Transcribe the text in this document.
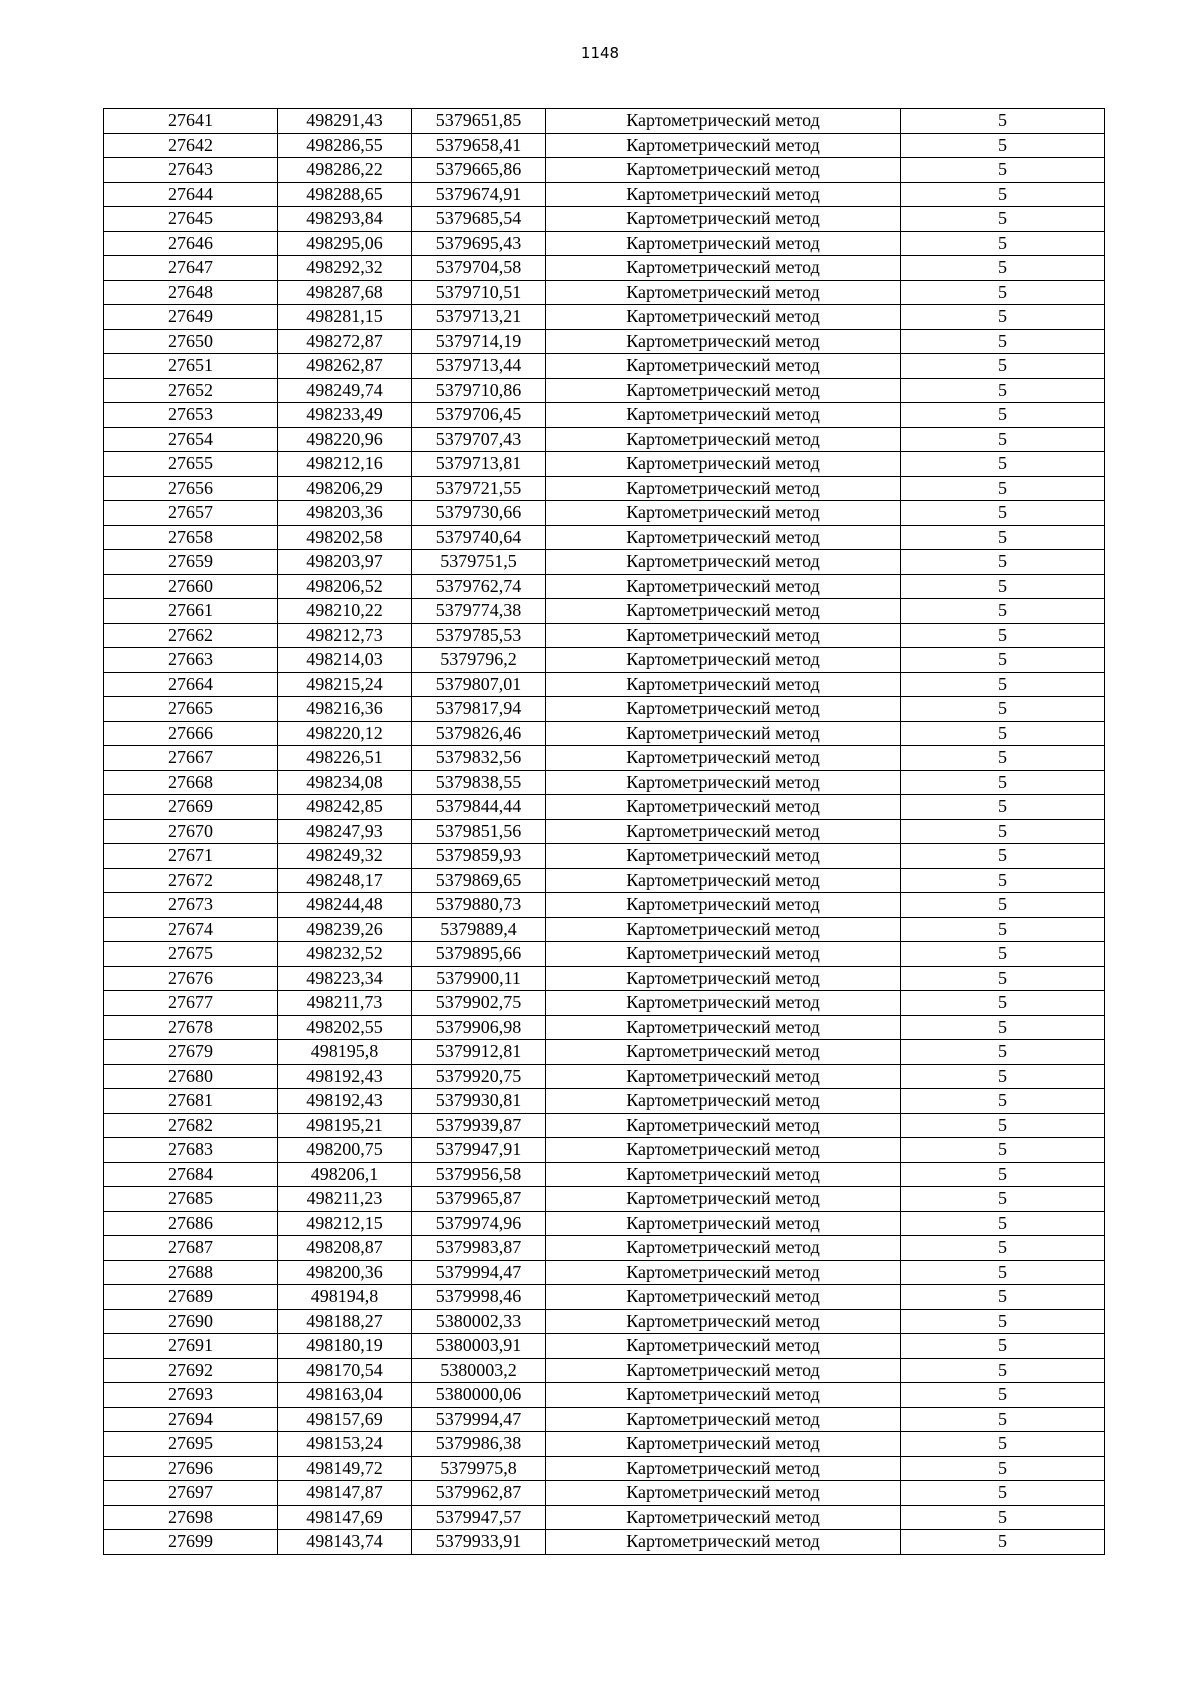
1148
27641	498291,43	5379651,85	Картометрический метод	5
27642	498286,55	5379658,41	Картометрический метод	5
27643	498286,22	5379665,86	Картометрический метод	5
27644	498288,65	5379674,91	Картометрический метод	5
27645	498293,84	5379685,54	Картометрический метод	5
27646	498295,06	5379695,43	Картометрический метод	5
27647	498292,32	5379704,58	Картометрический метод	5
27648	498287,68	5379710,51	Картометрический метод	5
27649	498281,15	5379713,21	Картометрический метод	5
27650	498272,87	5379714,19	Картометрический метод	5
27651	498262,87	5379713,44	Картометрический метод	5
27652	498249,74	5379710,86	Картометрический метод	5
27653	498233,49	5379706,45	Картометрический метод	5
27654	498220,96	5379707,43	Картометрический метод	5
27655	498212,16	5379713,81	Картометрический метод	5
27656	498206,29	5379721,55	Картометрический метод	5
27657	498203,36	5379730,66	Картометрический метод	5
27658	498202,58	5379740,64	Картометрический метод	5
27659	498203,97	5379751,5	Картометрический метод	5
27660	498206,52	5379762,74	Картометрический метод	5
27661	498210,22	5379774,38	Картометрический метод	5
27662	498212,73	5379785,53	Картометрический метод	5
27663	498214,03	5379796,2	Картометрический метод	5
27664	498215,24	5379807,01	Картометрический метод	5
27665	498216,36	5379817,94	Картометрический метод	5
27666	498220,12	5379826,46	Картометрический метод	5
27667	498226,51	5379832,56	Картометрический метод	5
27668	498234,08	5379838,55	Картометрический метод	5
27669	498242,85	5379844,44	Картометрический метод	5
27670	498247,93	5379851,56	Картометрический метод	5
27671	498249,32	5379859,93	Картометрический метод	5
27672	498248,17	5379869,65	Картометрический метод	5
27673	498244,48	5379880,73	Картометрический метод	5
27674	498239,26	5379889,4	Картометрический метод	5
27675	498232,52	5379895,66	Картометрический метод	5
27676	498223,34	5379900,11	Картометрический метод	5
27677	498211,73	5379902,75	Картометрический метод	5
27678	498202,55	5379906,98	Картометрический метод	5
27679	498195,8	5379912,81	Картометрический метод	5
27680	498192,43	5379920,75	Картометрический метод	5
27681	498192,43	5379930,81	Картометрический метод	5
27682	498195,21	5379939,87	Картометрический метод	5
27683	498200,75	5379947,91	Картометрический метод	5
27684	498206,1	5379956,58	Картометрический метод	5
27685	498211,23	5379965,87	Картометрический метод	5
27686	498212,15	5379974,96	Картометрический метод	5
27687	498208,87	5379983,87	Картометрический метод	5
27688	498200,36	5379994,47	Картометрический метод	5
27689	498194,8	5379998,46	Картометрический метод	5
27690	498188,27	5380002,33	Картометрический метод	5
27691	498180,19	5380003,91	Картометрический метод	5
27692	498170,54	5380003,2	Картометрический метод	5
27693	498163,04	5380000,06	Картометрический метод	5
27694	498157,69	5379994,47	Картометрический метод	5
27695	498153,24	5379986,38	Картометрический метод	5
27696	498149,72	5379975,8	Картометрический метод	5
27697	498147,87	5379962,87	Картометрический метод	5
27698	498147,69	5379947,57	Картометрический метод	5
27699	498143,74	5379933,91	Картометрический метод	5
